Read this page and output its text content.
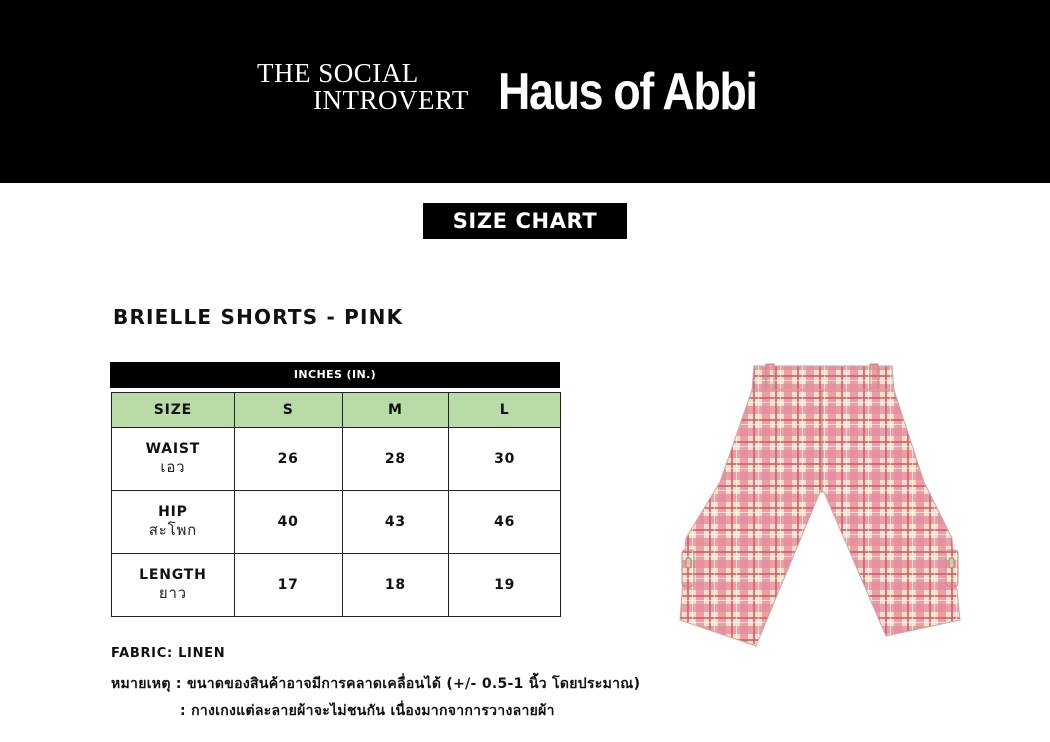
THE SOCIAL
INTROVERT Haus of Abbi
SIZE CHART
BRIELLE SHORTS - PINK
INCHES (IN.)
SIZE	S	M	L

WAIST
เอว	26	28	30

HIP
สะโพก	40	43	46

LENGTH
ยาว	17	18	19
FABRIC: LINEN
หมายเหตุ : ขนาดของสินค้าอาจมีการคลาดเคลื่อนได้ (+/- 0.5-1 นิ้ว โดยประมาณ)
: กางเกงแต่ละลายผ้าจะไม่ชนกัน เนื่องมากจาการวางลายผ้า
